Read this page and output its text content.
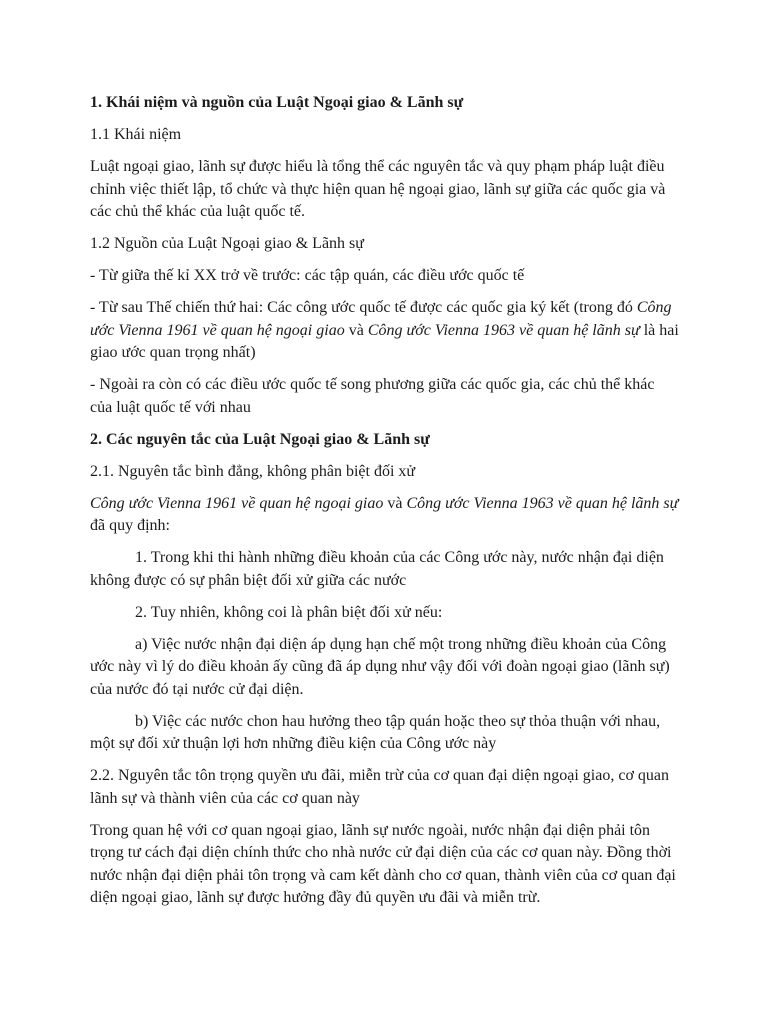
1. Khái niệm và nguồn của Luật Ngoại giao & Lãnh sự

1.1 Khái niệm

Luật ngoại giao, lãnh sự được hiểu là tổng thể các nguyên tắc và quy phạm pháp luật điều chỉnh việc thiết lập, tổ chức và thực hiện quan hệ ngoại giao, lãnh sự giữa các quốc gia và các chủ thể khác của luật quốc tế.

1.2 Nguồn của Luật Ngoại giao & Lãnh sự

- Từ giữa thế kỉ XX trở về trước: các tập quán, các điều ước quốc tế

- Từ sau Thế chiến thứ hai: Các công ước quốc tế được các quốc gia ký kết (trong đó Công ước Vienna 1961 về quan hệ ngoại giao và Công ước Vienna 1963 về quan hệ lãnh sự là hai giao ước quan trọng nhất)

- Ngoài ra còn có các điều ước quốc tế song phương giữa các quốc gia, các chủ thể khác của luật quốc tế với nhau

2. Các nguyên tắc của Luật Ngoại giao & Lãnh sự

2.1. Nguyên tắc bình đẳng, không phân biệt đối xử

Công ước Vienna 1961 về quan hệ ngoại giao và Công ước Vienna 1963 về quan hệ lãnh sự đã quy định:

1. Trong khi thi hành những điều khoản của các Công ước này, nước nhận đại diện không được có sự phân biệt đối xử giữa các nước

2. Tuy nhiên, không coi là phân biệt đối xử nếu:

a) Việc nước nhận đại diện áp dụng hạn chế một trong những điều khoản của Công ước này vì lý do điều khoản ấy cũng đã áp dụng như vậy đối với đoàn ngoại giao (lãnh sự) của nước đó tại nước cử đại diện.

b) Việc các nước chon hau hưởng theo tập quán hoặc theo sự thỏa thuận với nhau, một sự đối xử thuận lợi hơn những điều kiện của Công ước này

2.2. Nguyên tắc tôn trọng quyền ưu đãi, miễn trừ của cơ quan đại diện ngoại giao, cơ quan lãnh sự và thành viên của các cơ quan này

Trong quan hệ với cơ quan ngoại giao, lãnh sự nước ngoài, nước nhận đại diện phải tôn trọng tư cách đại diện chính thức cho nhà nước cử đại diện của các cơ quan này. Đồng thời nước nhận đại diện phải tôn trọng và cam kết dành cho cơ quan, thành viên của cơ quan đại diện ngoại giao, lãnh sự được hưởng đầy đủ quyền ưu đãi và miễn trừ.
